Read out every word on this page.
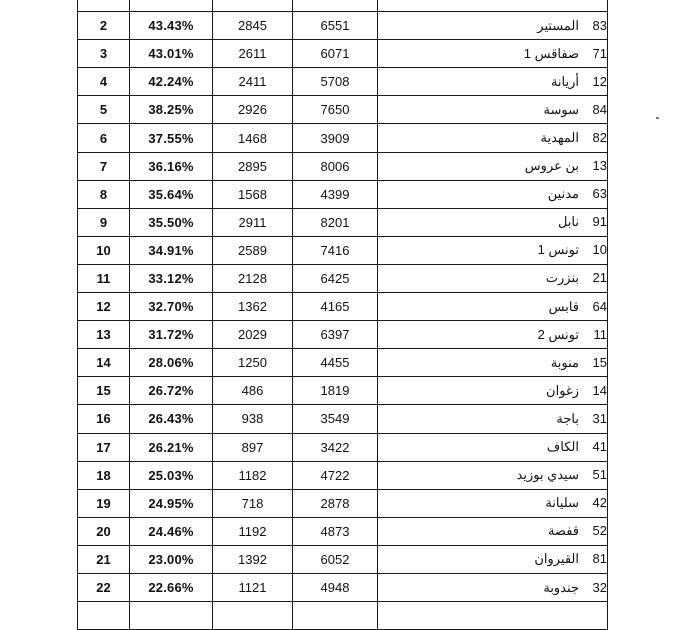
2	43.43%	2845	6551	83المستير
3	43.01%	2611	6071	71صفاقس 1
4	42.24%	2411	5708	12أريانة
5	38.25%	2926	7650	84سوسة
6	37.55%	1468	3909	82المهدية
7	36.16%	2895	8006	13بن عروس
8	35.64%	1568	4399	63مدنين
9	35.50%	2911	8201	91نابل
10	34.91%	2589	7416	10تونس 1
11	33.12%	2128	6425	21بنزرت
12	32.70%	1362	4165	64قابس
13	31.72%	2029	6397	11تونس 2
14	28.06%	1250	4455	15منوبة
15	26.72%	486	1819	14زغوان
16	26.43%	938	3549	31باجة
17	26.21%	897	3422	41الكاف
18	25.03%	1182	4722	51سيدي بوزيد
19	24.95%	718	2878	42سليانة
20	24.46%	1192	4873	52قفصة
21	23.00%	1392	6052	81القيروان
22	22.66%	1121	4948	32جندوبة
